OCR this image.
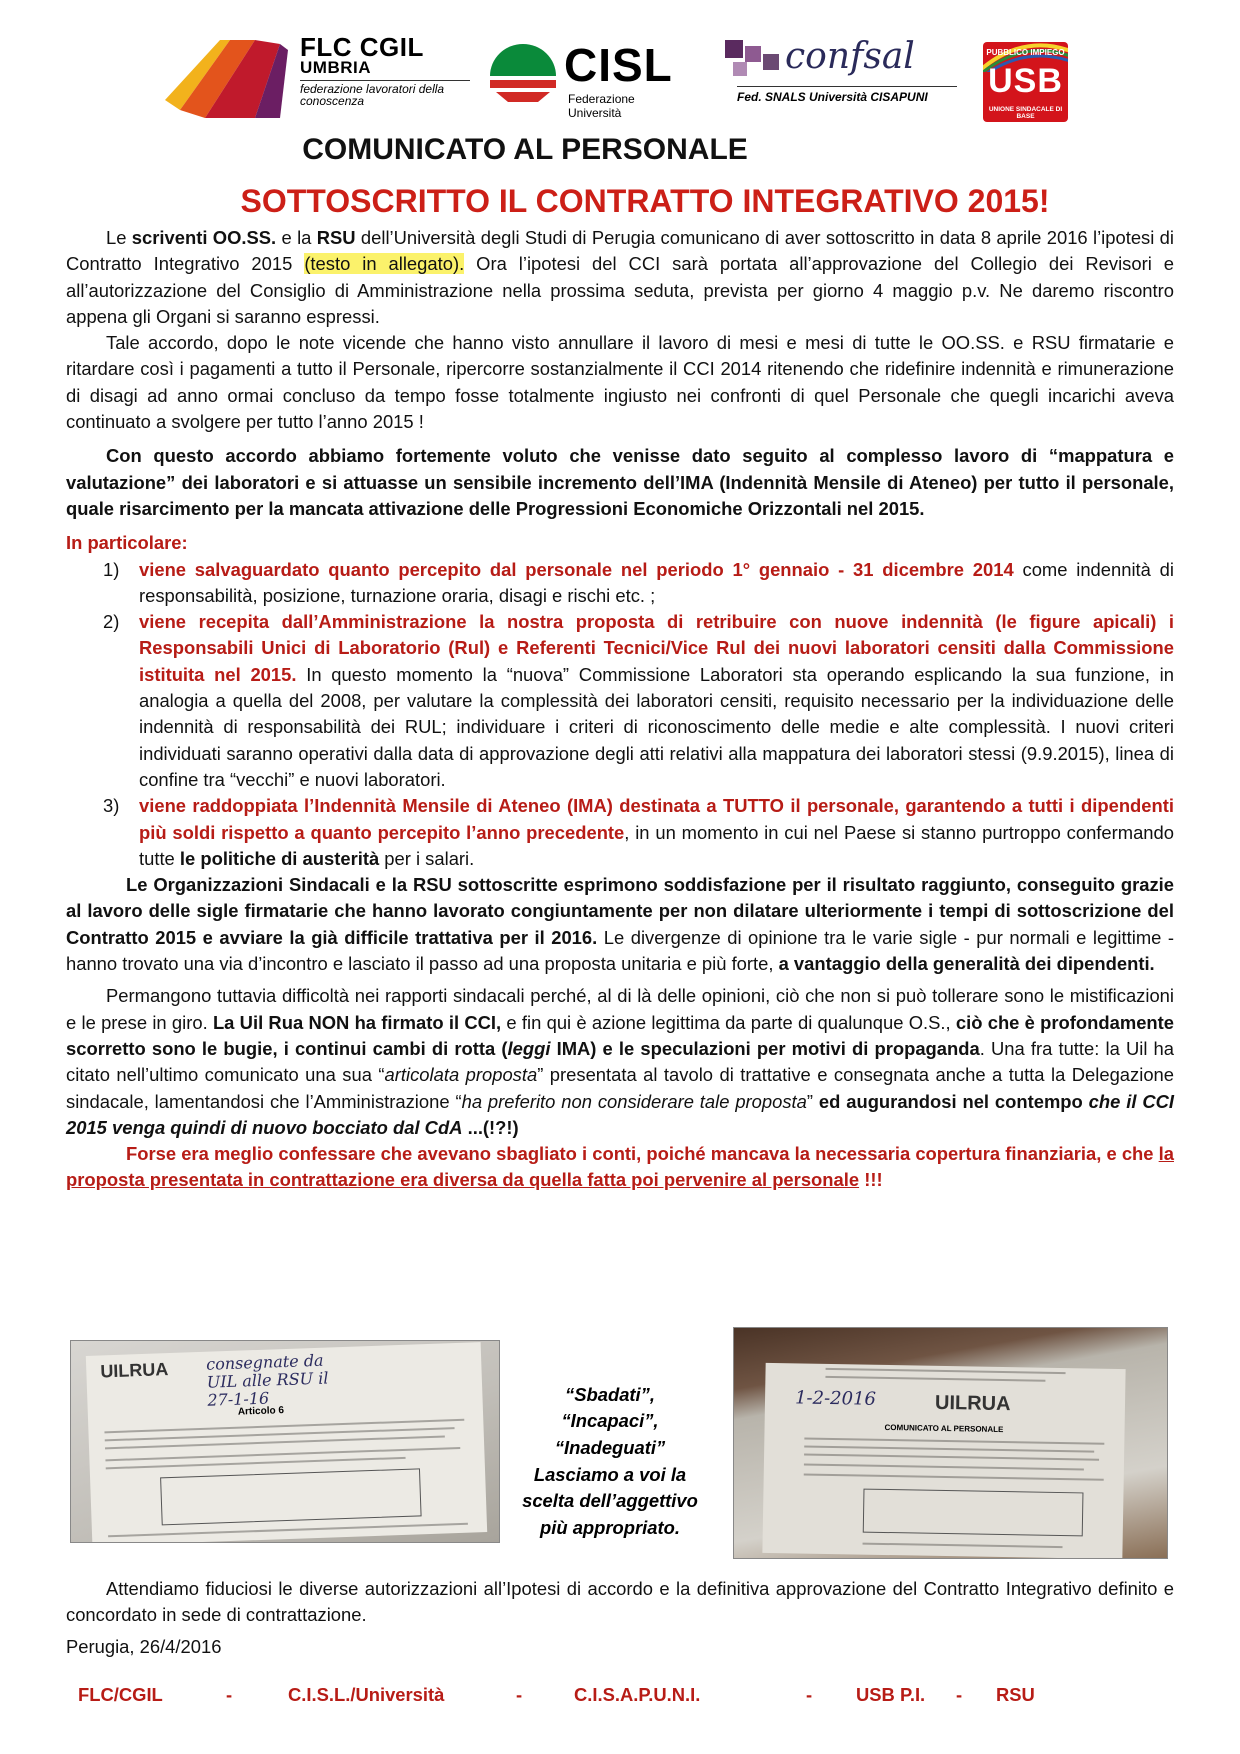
FLC CGIL
UMBRIA
federazione lavoratori della conoscenza
CISL
Federazione Università
confsal
Fed. SNALS Università CISAPUNI
PUBBLICO IMPIEGO
USB
UNIONE SINDACALE DI BASE
COMUNICATO AL PERSONALE
SOTTOSCRITTO IL CONTRATTO INTEGRATIVO 2015!

Le scriventi OO.SS. e la RSU dell’Università degli Studi di Perugia comunicano di aver sottoscritto in data 8 aprile 2016 l’ipotesi di Contratto Integrativo 2015 (testo in allegato). Ora l’ipotesi del CCI sarà portata all’approvazione del Collegio dei Revisori e all’autorizzazione del Consiglio di Amministrazione nella prossima seduta, prevista per giorno 4 maggio p.v. Ne daremo riscontro appena gli Organi si saranno espressi.

Tale accordo, dopo le note vicende che hanno visto annullare il lavoro di mesi e mesi di tutte le OO.SS. e RSU firmatarie e ritardare così i pagamenti a tutto il Personale, ripercorre sostanzialmente il CCI 2014 ritenendo che ridefinire indennità e rimunerazione di disagi ad anno ormai concluso da tempo fosse totalmente ingiusto nei confronti di quel Personale che quegli incarichi aveva continuato a svolgere per tutto l’anno 2015 !

Con questo accordo abbiamo fortemente voluto che venisse dato seguito al complesso lavoro di “mappatura e valutazione” dei laboratori e si attuasse un sensibile incremento dell’IMA (Indennità Mensile di Ateneo) per tutto il personale, quale risarcimento per la mancata attivazione delle Progressioni Economiche Orizzontali nel 2015.

In particolare:

1) viene salvaguardato quanto percepito dal personale nel periodo 1° gennaio - 31 dicembre 2014 come indennità di responsabilità, posizione, turnazione oraria, disagi e rischi etc. ;
2) viene recepita dall’Amministrazione la nostra proposta di retribuire con nuove indennità (le figure apicali) i Responsabili Unici di Laboratorio (Rul) e Referenti Tecnici/Vice Rul dei nuovi laboratori censiti dalla Commissione istituita nel 2015. In questo momento la “nuova” Commissione Laboratori sta operando esplicando la sua funzione, in analogia a quella del 2008, per valutare la complessità dei laboratori censiti, requisito necessario per la individuazione delle indennità di responsabilità dei RUL; individuare i criteri di riconoscimento delle medie e alte complessità. I nuovi criteri individuati saranno operativi dalla data di approvazione degli atti relativi alla mappatura dei laboratori stessi (9.9.2015), linea di confine tra “vecchi” e nuovi laboratori.
3) viene raddoppiata l’Indennità Mensile di Ateneo (IMA) destinata a TUTTO il personale, garantendo a tutti i dipendenti più soldi rispetto a quanto percepito l’anno precedente, in un momento in cui nel Paese si stanno purtroppo confermando tutte le politiche di austerità per i salari.

Le Organizzazioni Sindacali e la RSU sottoscritte esprimono soddisfazione per il risultato raggiunto, conseguito grazie al lavoro delle sigle firmatarie che hanno lavorato congiuntamente per non dilatare ulteriormente i tempi di sottoscrizione del Contratto 2015 e avviare la già difficile trattativa per il 2016. Le divergenze di opinione tra le varie sigle - pur normali e legittime - hanno trovato una via d’incontro e lasciato il passo ad una proposta unitaria e più forte, a vantaggio della generalità dei dipendenti.

Permangono tuttavia difficoltà nei rapporti sindacali perché, al di là delle opinioni, ciò che non si può tollerare sono le mistificazioni e le prese in giro. La Uil Rua NON ha firmato il CCI, e fin qui è azione legittima da parte di qualunque O.S., ciò che è profondamente scorretto sono le bugie, i continui cambi di rotta (leggi IMA) e le speculazioni per motivi di propaganda. Una fra tutte: la Uil ha citato nell’ultimo comunicato una sua “articolata proposta” presentata al tavolo di trattative e consegnata anche a tutta la Delegazione sindacale, lamentandosi che l’Amministrazione “ha preferito non considerare tale proposta” ed augurandosi nel contempo che il CCI 2015 venga quindi di nuovo bocciato dal CdA ...(!?!)

Forse era meglio confessare che avevano sbagliato i conti, poiché mancava la necessaria copertura finanziaria, e che la proposta presentata in contrattazione era diversa da quella fatta poi pervenire al personale !!!

UILRUA consegnate da UIL alle RSU il 27-1-16
Articolo 6
“Sbadati”,
“Incapaci”,
“Inadeguati”
Lasciamo a voi la
scelta dell’aggettivo
più appropriato.
1-2-2016	UILRUA
COMUNICATO AL PERSONALE

Attendiamo fiduciosi le diverse autorizzazioni all’Ipotesi di accordo e la definitiva approvazione del Contratto Integrativo definito e concordato in sede di contrattazione.

Perugia, 26/4/2016
FLC/CGIL	-	C.I.S.L./Università	-	C.I.S.A.P.U.N.I.	- USB P.I. - RSU
